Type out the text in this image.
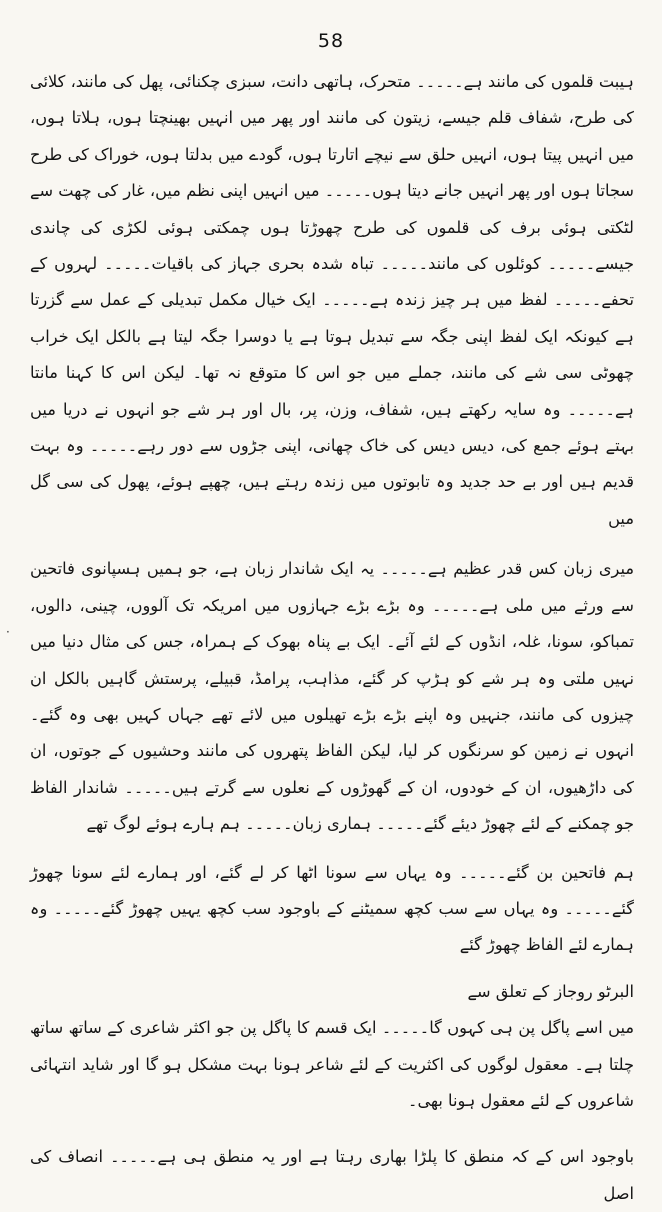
58

ہیبت قلموں کی مانند ہے۔۔۔۔۔ متحرک، ہاتھی دانت، سبزی چکنائی، پھل کی مانند، کلائی کی طرح، شفاف قلم جیسے، زیتون کی مانند اور پھر میں انہیں بھینچتا ہوں، ہلاتا ہوں، میں انہیں پیتا ہوں، انہیں حلق سے نیچے اتارتا ہوں، گودے میں بدلتا ہوں، خوراک کی طرح سجاتا ہوں اور پھر انہیں جانے دیتا ہوں۔۔۔۔۔ میں انہیں اپنی نظم میں، غار کی چھت سے لٹکتی ہوئی برف کی قلموں کی طرح چھوڑتا ہوں چمکتی ہوئی لکڑی کی چاندی جیسے۔۔۔۔۔ کوئلوں کی مانند۔۔۔۔۔ تباہ شدہ بحری جہاز کی باقیات۔۔۔۔۔ لہروں کے تحفے۔۔۔۔۔ لفظ میں ہر چیز زندہ ہے۔۔۔۔۔ ایک خیال مکمل تبدیلی کے عمل سے گزرتا ہے کیونکہ ایک لفظ اپنی جگہ سے تبدیل ہوتا ہے یا دوسرا جگہ لیتا ہے بالکل ایک خراب چھوٹی سی شے کی مانند، جملے میں جو اس کا متوقع نہ تھا۔ لیکن اس کا کہنا مانتا ہے۔۔۔۔۔ وہ سایہ رکھتے ہیں، شفاف، وزن، پر، بال اور ہر شے جو انہوں نے دریا میں بہتے ہوئے جمع کی، دیس دیس کی خاک چھانی، اپنی جڑوں سے دور رہے۔۔۔۔۔ وہ بہت قدیم ہیں اور بے حد جدید وہ تابوتوں میں زندہ رہتے ہیں، چھپے ہوئے، پھول کی سی گل میں

میری زبان کس قدر عظیم ہے۔۔۔۔۔ یہ ایک شاندار زبان ہے، جو ہمیں ہسپانوی فاتحین سے ورثے میں ملی ہے۔۔۔۔۔ وہ بڑے بڑے جہازوں میں امریکہ تک آلووں، چینی، دالوں، تمباکو، سونا، غلہ، انڈوں کے لئے آئے۔ ایک بے پناہ بھوک کے ہمراہ، جس کی مثال دنیا میں نہیں ملتی وہ ہر شے کو ہڑپ کر گئے، مذاہب، پرامڈ، قبیلے، پرستش گاہیں بالکل ان چیزوں کی مانند، جنہیں وہ اپنے بڑے بڑے تھیلوں میں لائے تھے جہاں کہیں بھی وہ گئے۔ انہوں نے زمین کو سرنگوں کر لیا، لیکن الفاظ پتھروں کی مانند وحشیوں کے جوتوں، ان کی داڑھیوں، ان کے خودوں، ان کے گھوڑوں کے نعلوں سے گرتے ہیں۔۔۔۔۔ شاندار الفاظ جو چمکنے کے لئے چھوڑ دیئے گئے۔۔۔۔۔ ہماری زبان۔۔۔۔۔ ہم ہارے ہوئے لوگ تھے

ہم فاتحین بن گئے۔۔۔۔۔ وہ یہاں سے سونا اٹھا کر لے گئے، اور ہمارے لئے سونا چھوڑ گئے۔۔۔۔۔ وہ یہاں سے سب کچھ سمیٹنے کے باوجود سب کچھ یہیں چھوڑ گئے۔۔۔۔۔ وہ ہمارے لئے الفاظ چھوڑ گئے

البرٹو روجاز کے تعلق سے

میں اسے پاگل پن ہی کہوں گا۔۔۔۔۔ ایک قسم کا پاگل پن جو اکثر شاعری کے ساتھ ساتھ چلتا ہے۔ معقول لوگوں کی اکثریت کے لئے شاعر ہونا بہت مشکل ہو گا اور شاید انتہائی شاعروں کے لئے معقول ہونا بھی۔

باوجود اس کے کہ منطق کا پلڑا بھاری رہتا ہے اور یہ منطق ہی ہے۔۔۔۔۔ انصاف کی اصل

·
